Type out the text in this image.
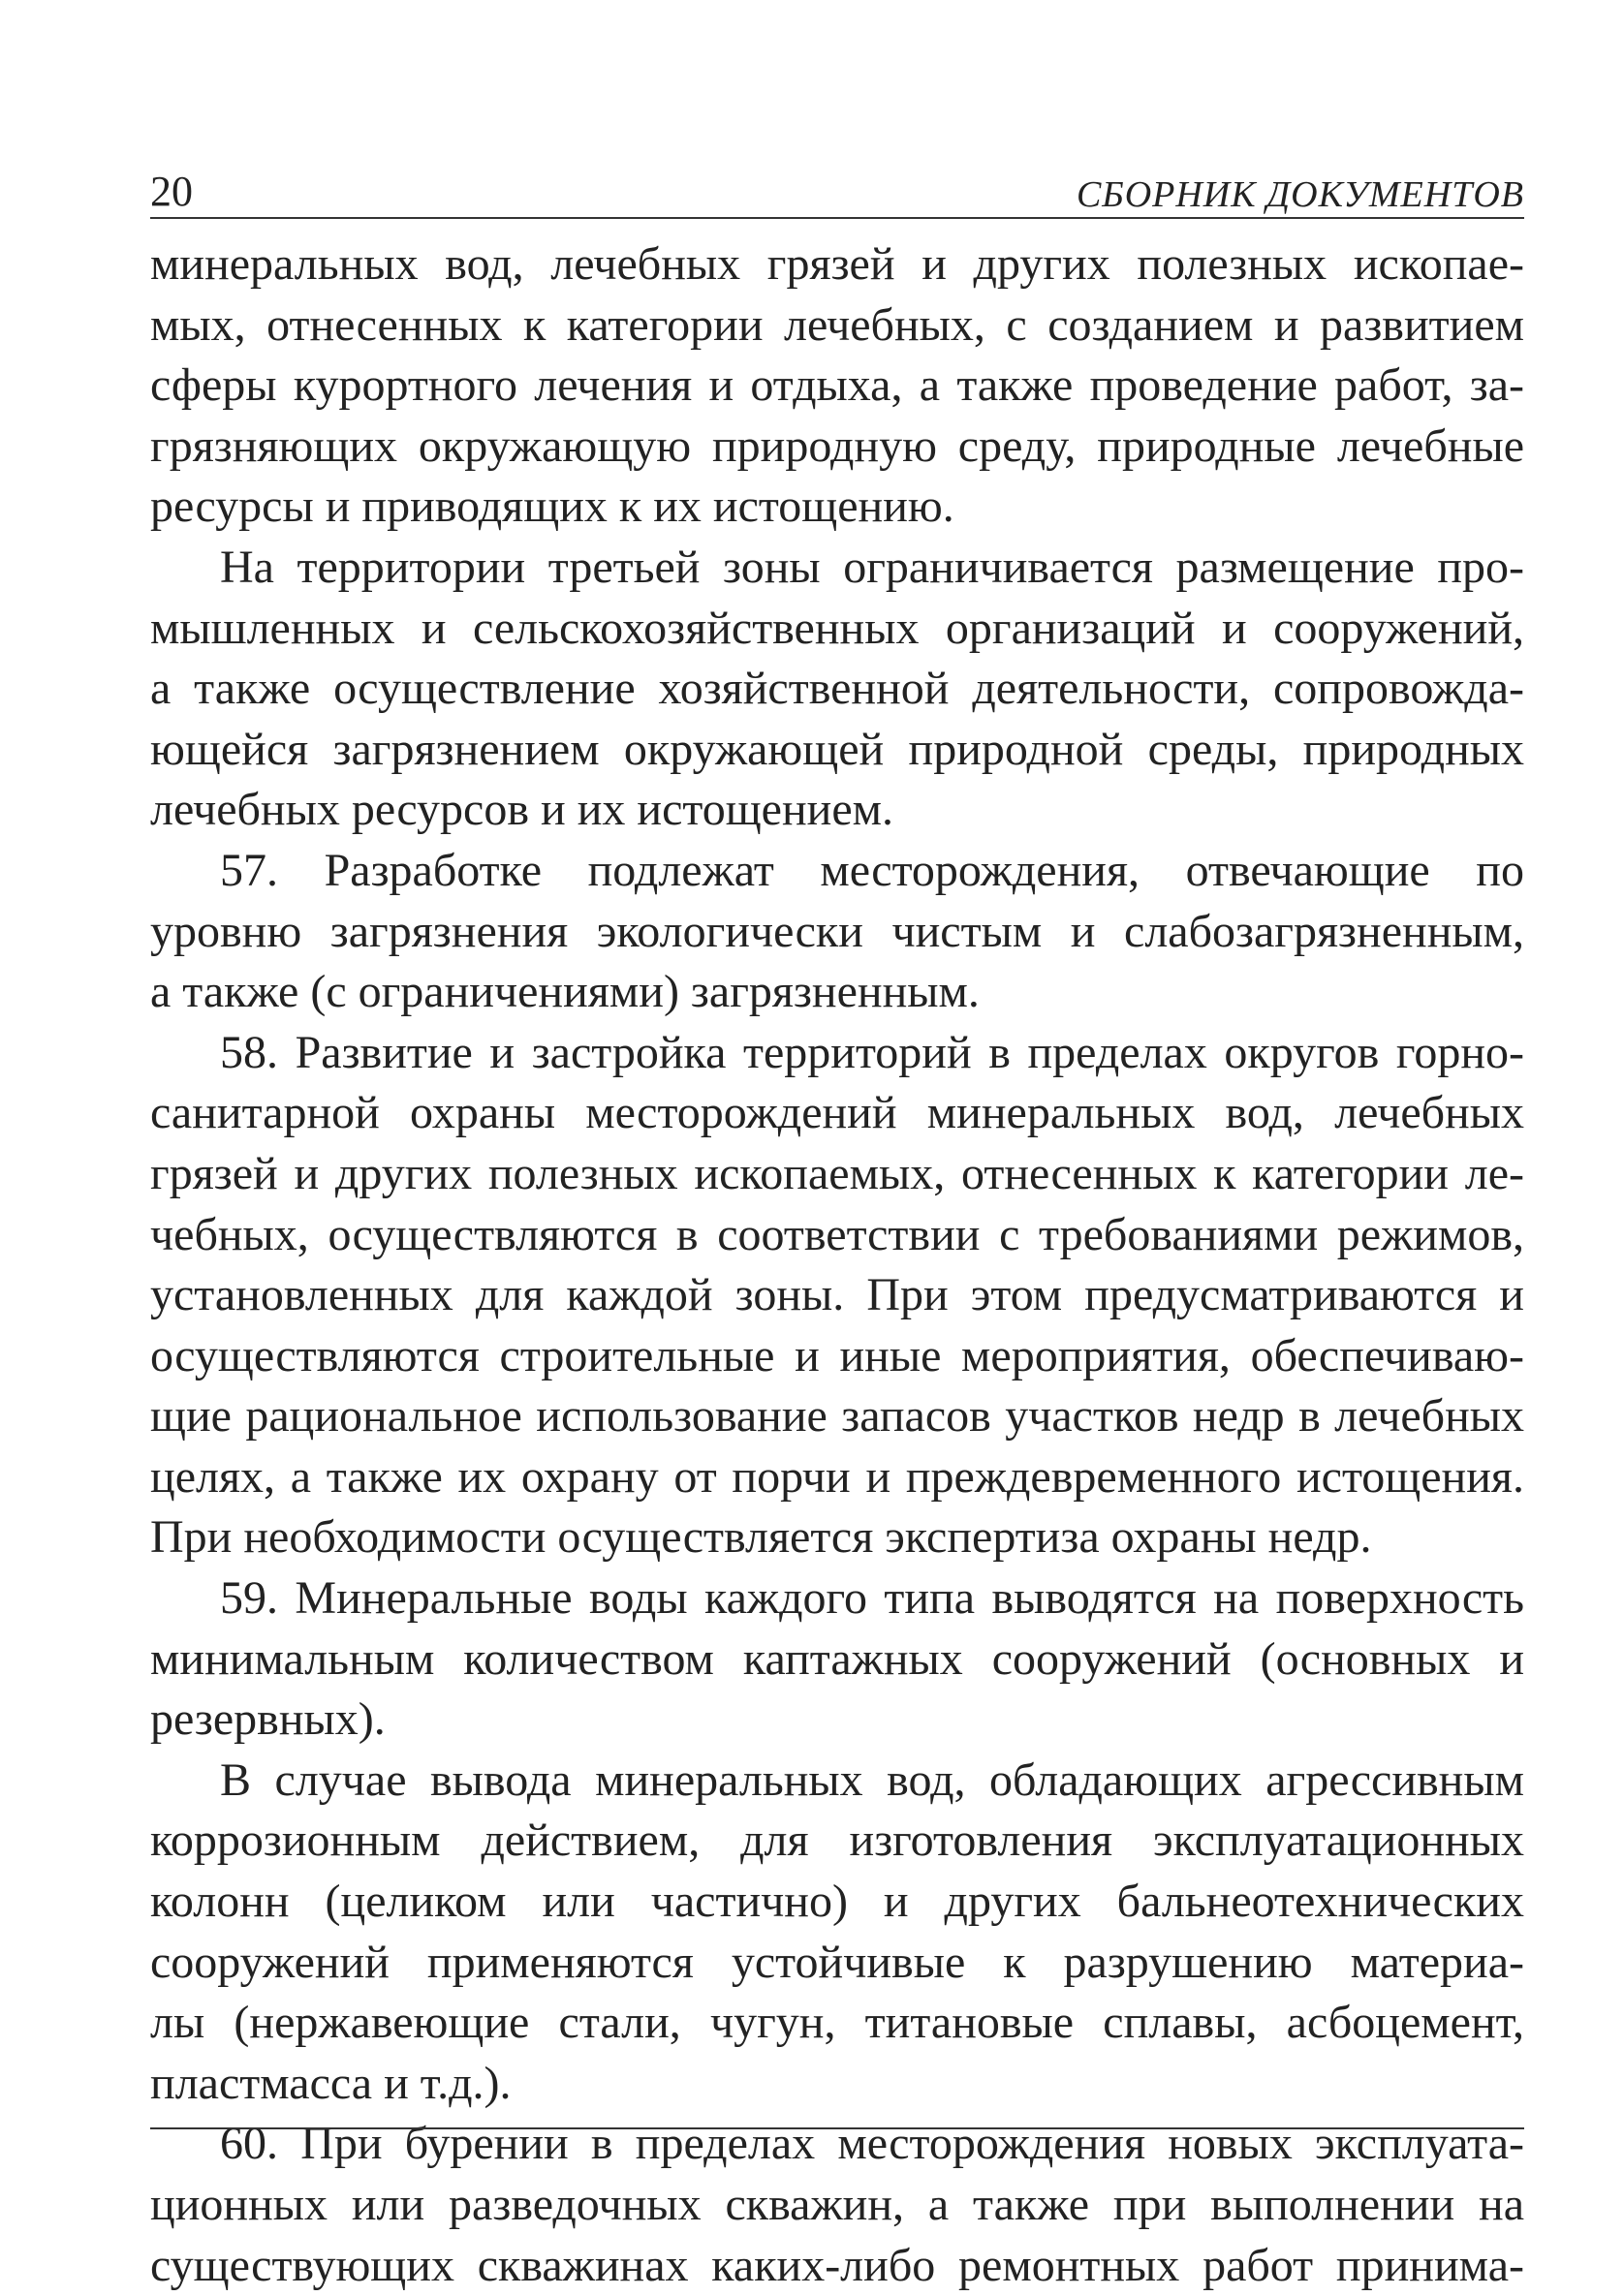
20	СБОРНИК ДОКУМЕНТОВ
минеральных вод, лечебных грязей и других полезных ископае-
мых, отнесенных к категории лечебных, с созданием и развитием
сферы курортного лечения и отдыха, а также проведение работ, за-
грязняющих окружающую природную среду, природные лечебные
ресурсы и приводящих к их истощению.
На территории третьей зоны ограничивается размещение про-
мышленных и сельскохозяйственных организаций и сооружений,
а также осуществление хозяйственной деятельности, сопровожда-
ющейся загрязнением окружающей природной среды, природных
лечебных ресурсов и их истощением.
57. Разработке подлежат месторождения, отвечающие по
уровню загрязнения экологически чистым и слабозагрязненным,
а также (с ограничениями) загрязненным.
58. Развитие и застройка территорий в пределах округов горно-
санитарной охраны месторождений минеральных вод, лечебных
грязей и других полезных ископаемых, отнесенных к категории ле-
чебных, осуществляются в соответствии с требованиями режимов,
установленных для каждой зоны. При этом предусматриваются и
осуществляются строительные и иные мероприятия, обеспечиваю-
щие рациональное использование запасов участков недр в лечебных
целях, а также их охрану от порчи и преждевременного истощения.
При необходимости осуществляется экспертиза охраны недр.
59. Минеральные воды каждого типа выводятся на поверхность
минимальным количеством каптажных сооружений (основных и
резервных).
В случае вывода минеральных вод, обладающих агрессивным
коррозионным действием, для изготовления эксплуатационных
колонн (целиком или частично) и других бальнеотехнических
сооружений применяются устойчивые к разрушению материа-
лы (нержавеющие стали, чугун, титановые сплавы, асбоцемент,
пластмасса и т.д.).
60. При бурении в пределах месторождения новых эксплуата-
ционных или разведочных скважин, а также при выполнении на
существующих скважинах каких-либо ремонтных работ принима-
